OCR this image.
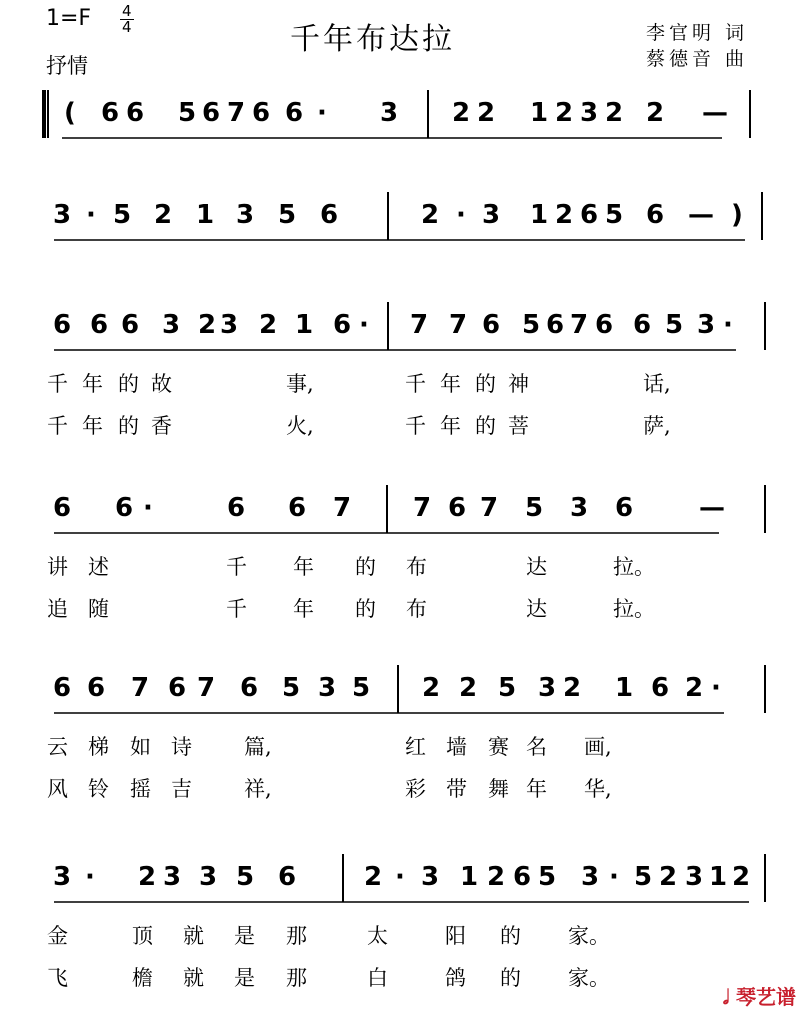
1=F 4
4
抒情
千年布达拉	李官明 词
蔡德音 曲
𝅗𝅥 琴艺谱
( 6 6 5 6 7 6 6 · 3 2 2 1 2 3 2 2 —
3 · 5 2 1 3 5 6	2 · 3 1 2 6 5 6 — )
6 6 6 3 2 3 2 1 6 · 7 7 6 5 6 7 6 6 5 3 ·
千 年 的 故	事,	千 年 的 神	话,
千 年 的 香	火,	千 年 的 菩	萨,
6 6 ·	6 6 7 7 6 7 5 3 6	—
讲 述	千 年 的 布	达	拉。
追 随	千 年 的 布	达	拉。
6 6 7 6 7 6 5 3 5 2 2 5 3 2 1 6 2 ·
云 梯 如 诗 篇,	红 墙 赛 名 画,
风 铃 摇 吉 祥,	彩 带 舞 年 华,
3 · 2 3 3 5 6	2 · 3 1 2 6 5 3 · 5 2 3 1 2
金	顶 就 是 那	太	阳 的 家。
飞	檐 就 是 那	白	鸽 的 家。
